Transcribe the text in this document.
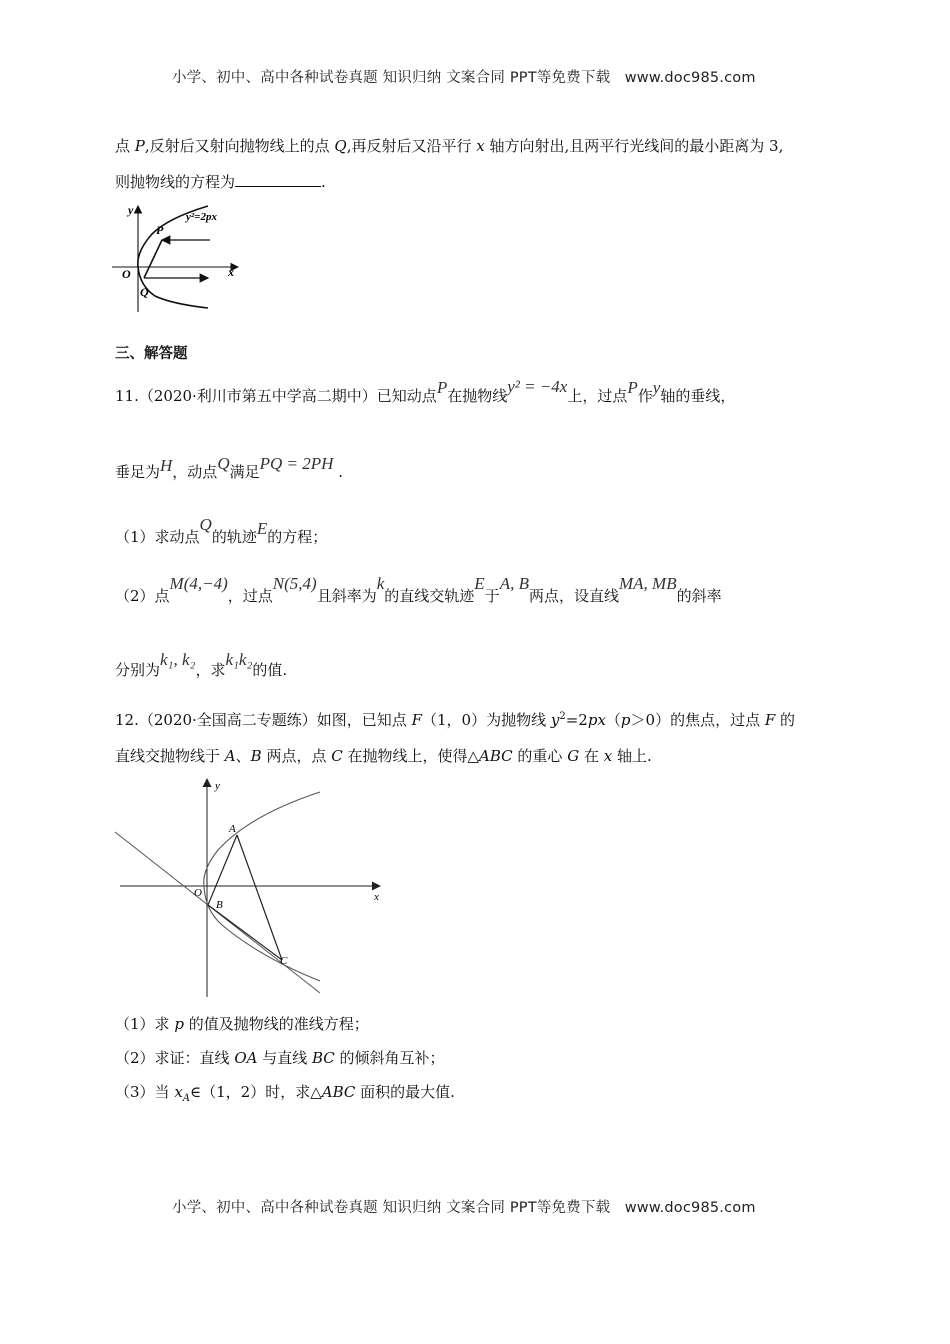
小学、初中、高中各种试卷真题 知识归纳 文案合同 PPT等免费下载 www.doc985.com
点 P,反射后又射向抛物线上的点 Q,再反射后又沿平行 x 轴方向射出,且两平行光线间的最小距离为 3,
则抛物线的方程为	.
y	y²=2px
P
O
Q
x
三、解答题
11.（2020·利川市第五中学高二期中）已知动点P在抛物线y² = −4x上，过点P作y轴的垂线，
垂足为H，动点Q满足PQ = 2PH .
（1）求动点Q的轨迹E的方程；
（2）点M(4,−4)，过点N(5,4)且斜率为k的直线交轨迹E于A, B两点，设直线MA, MB的斜率
分别为k₁, k₂，求k₁k₂的值.
12.（2020·全国高二专题练）如图，已知点 F（1，0）为抛物线 $y^2=2px(p>0)$的焦点，过点 F 的
直线交抛物线于 A、B 两点，点 C 在抛物线上，使得△ABC 的重心 G 在 x 轴上.
y
A
O
B
x
C
（1）求 p 的值及抛物线的准线方程；
（2）求证：直线 OA 与直线 BC 的倾斜角互补；
（3）当 $x_A\in(1$，2）时，求△ABC 面积的最大值.
小学、初中、高中各种试卷真题 知识归纳 文案合同 PPT等免费下载 www.doc985.com
